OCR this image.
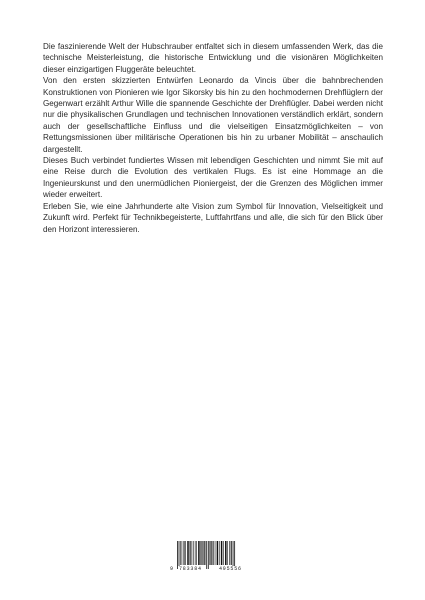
Die faszinierende Welt der Hubschrauber entfaltet sich in diesem umfassenden Werk, das die technische Meisterleistung, die historische Entwicklung und die visionären Möglichkeiten dieser einzigartigen Fluggeräte beleuchtet.

Von den ersten skizzierten Entwürfen Leonardo da Vincis über die bahnbrechenden Konstruktionen von Pionieren wie Igor Sikorsky bis hin zu den hochmodernen Drehflüglern der Gegenwart erzählt Arthur Wille die spannende Geschichte der Drehflügler. Dabei werden nicht nur die physikalischen Grundlagen und technischen Innovationen verständlich erklärt, sondern auch der gesellschaftliche Einfluss und die vielseitigen Einsatzmöglichkeiten – von Rettungsmissionen über militärische Operationen bis hin zu urbaner Mobilität – anschaulich dargestellt.

Dieses Buch verbindet fundiertes Wissen mit lebendigen Geschichten und nimmt Sie mit auf eine Reise durch die Evolution des vertikalen Flugs. Es ist eine Hommage an die Ingenieurskunst und den unermüdlichen Pioniergeist, der die Grenzen des Möglichen immer wieder erweitert.

Erleben Sie, wie eine Jahrhunderte alte Vision zum Symbol für Innovation, Vielseitigkeit und Zukunft wird. Perfekt für Technikbegeisterte, Luftfahrtfans und alle, die sich für den Blick über den Horizont interessieren.

9 783384	495556
